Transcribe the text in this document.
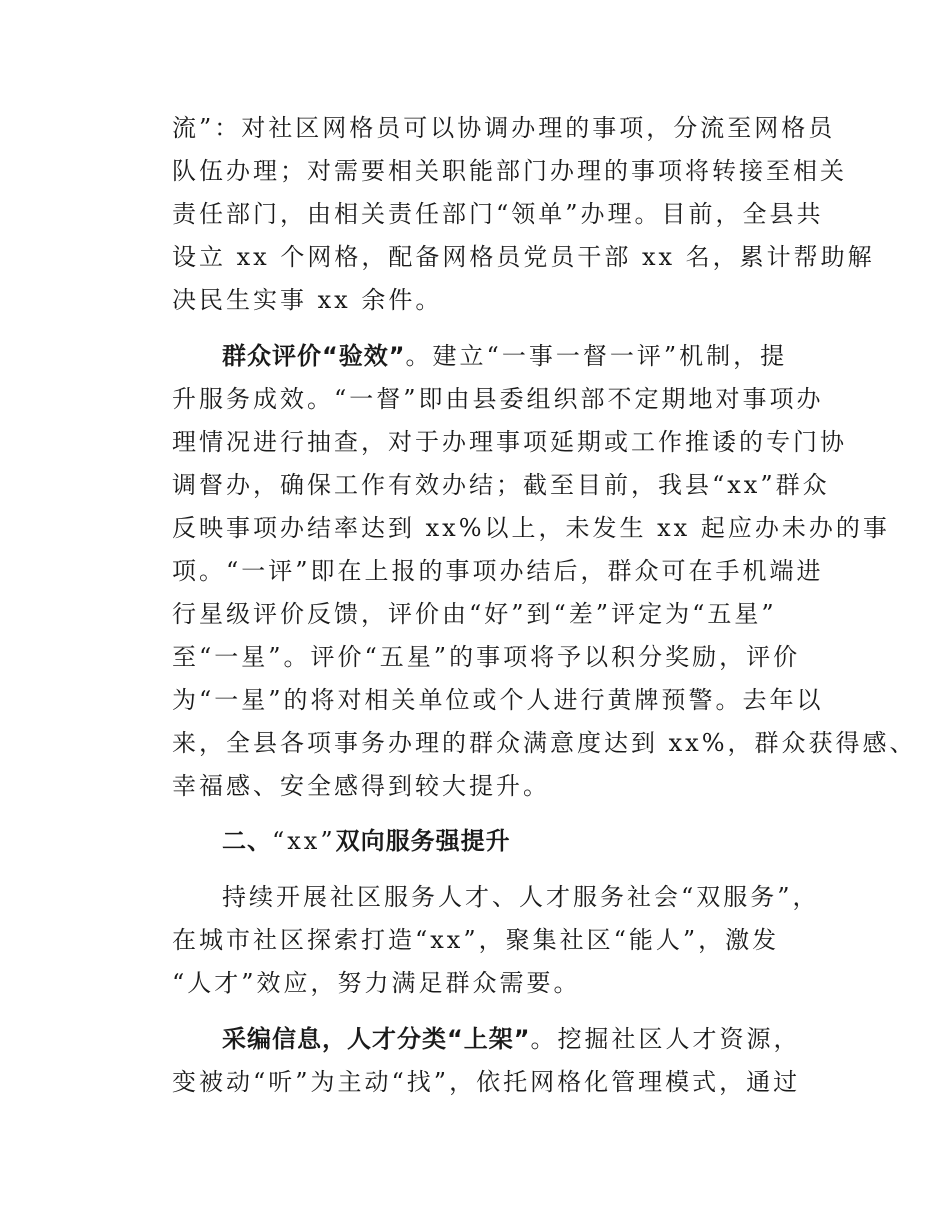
流”：对社区网格员可以协调办理的事项，分流至网格员
队伍办理；对需要相关职能部门办理的事项将转接至相关
责任部门，由相关责任部门“领单”办理。目前，全县共
设立 xx 个网格，配备网格员党员干部 xx 名，累计帮助解
决民生实事 xx 余件。
群众评价“验效”。建立“一事一督一评”机制，提
升服务成效。“一督”即由县委组织部不定期地对事项办
理情况进行抽查，对于办理事项延期或工作推诿的专门协
调督办，确保工作有效办结；截至目前，我县“xx”群众
反映事项办结率达到 xx%以上，未发生 xx 起应办未办的事
项。“一评”即在上报的事项办结后，群众可在手机端进
行星级评价反馈，评价由“好”到“差”评定为“五星”
至“一星”。评价“五星”的事项将予以积分奖励，评价
为“一星”的将对相关单位或个人进行黄牌预警。去年以
来，全县各项事务办理的群众满意度达到 xx%，群众获得感、
幸福感、安全感得到较大提升。
二、“xx”双向服务强提升
持续开展社区服务人才、人才服务社会“双服务”，
在城市社区探索打造“xx”，聚集社区“能人”，激发
“人才”效应，努力满足群众需要。
采编信息，人才分类“上架”。挖掘社区人才资源，
变被动“听”为主动“找”，依托网格化管理模式，通过
